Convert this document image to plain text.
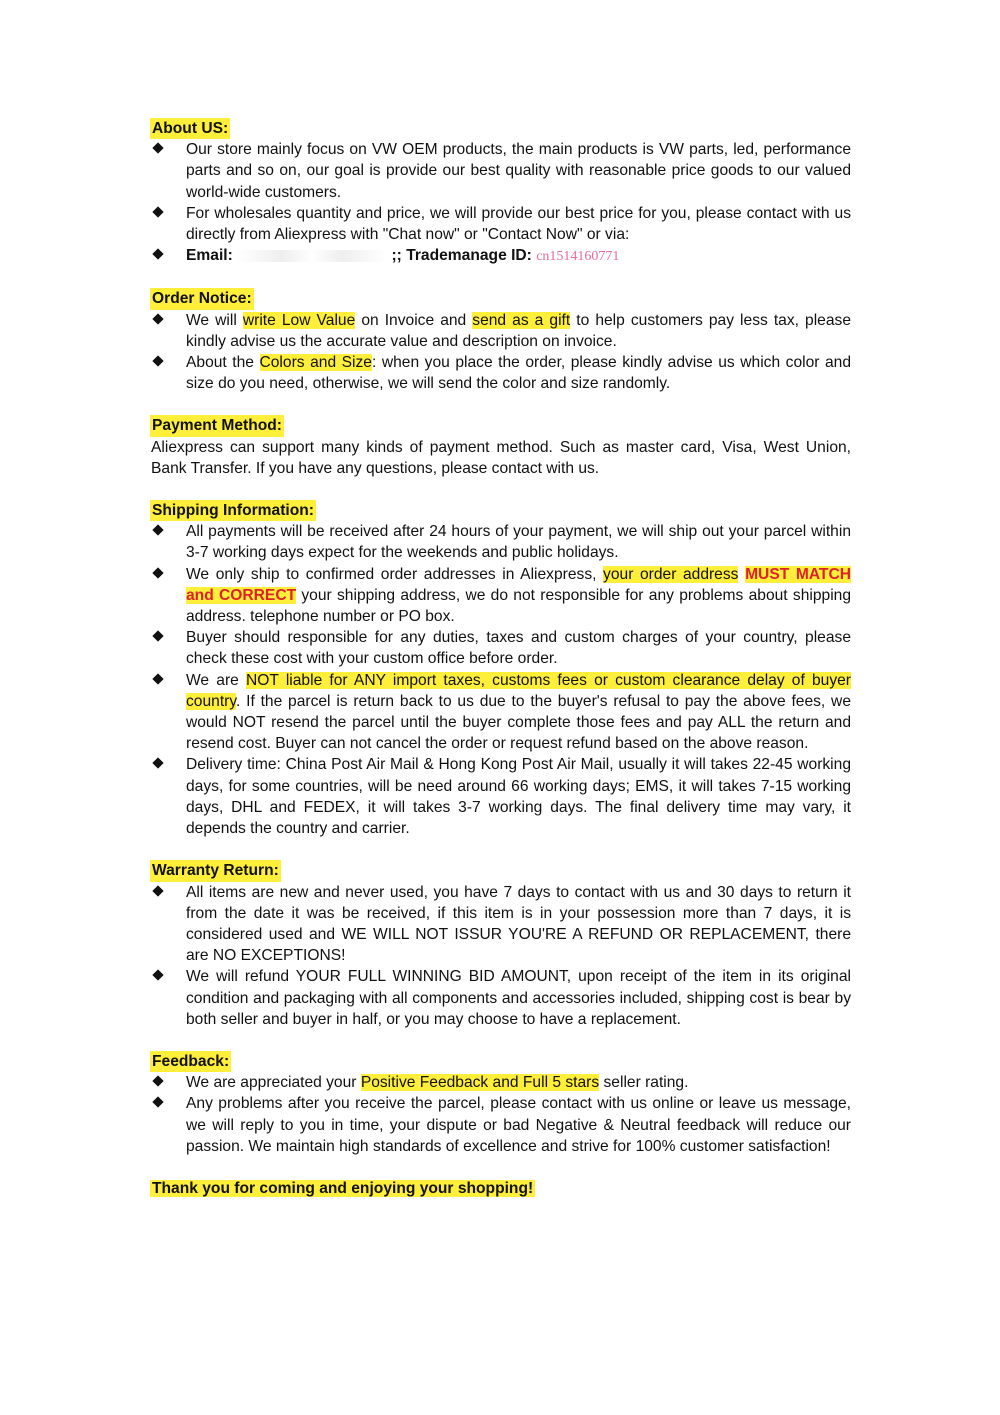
About US:
Our store mainly focus on VW OEM products, the main products is VW parts, led, performance parts and so on, our goal is provide our best quality with reasonable price goods to our valued world-wide customers.
For wholesales quantity and price, we will provide our best price for you, please contact with us directly from Aliexpress with "Chat now" or "Contact Now" or via:
Email:	;; Trademanage ID: cn1514160771
Order Notice:
We will write Low Value on Invoice and send as a gift to help customers pay less tax, please kindly advise us the accurate value and description on invoice.
About the Colors and Size: when you place the order, please kindly advise us which color and size do you need, otherwise, we will send the color and size randomly.
Payment Method:
Aliexpress can support many kinds of payment method. Such as master card, Visa, West Union, Bank Transfer. If you have any questions, please contact with us.
Shipping Information:
All payments will be received after 24 hours of your payment, we will ship out your parcel within 3-7 working days expect for the weekends and public holidays.
We only ship to confirmed order addresses in Aliexpress, your order address MUST MATCH and CORRECT your shipping address, we do not responsible for any problems about shipping address. telephone number or PO box.
Buyer should responsible for any duties, taxes and custom charges of your country, please check these cost with your custom office before order.
We are NOT liable for ANY import taxes, customs fees or custom clearance delay of buyer country. If the parcel is return back to us due to the buyer's refusal to pay the above fees, we would NOT resend the parcel until the buyer complete those fees and pay ALL the return and resend cost. Buyer can not cancel the order or request refund based on the above reason.
Delivery time: China Post Air Mail & Hong Kong Post Air Mail, usually it will takes 22-45 working days, for some countries, will be need around 66 working days; EMS, it will takes 7-15 working days, DHL and FEDEX, it will takes 3-7 working days. The final delivery time may vary, it depends the country and carrier.
Warranty Return:
All items are new and never used, you have 7 days to contact with us and 30 days to return it from the date it was be received, if this item is in your possession more than 7 days, it is considered used and WE WILL NOT ISSUR YOU'RE A REFUND OR REPLACEMENT, there are NO EXCEPTIONS!
We will refund YOUR FULL WINNING BID AMOUNT, upon receipt of the item in its original condition and packaging with all components and accessories included, shipping cost is bear by both seller and buyer in half, or you may choose to have a replacement.
Feedback:
We are appreciated your Positive Feedback and Full 5 stars seller rating.
Any problems after you receive the parcel, please contact with us online or leave us message, we will reply to you in time, your dispute or bad Negative & Neutral feedback will reduce our passion. We maintain high standards of excellence and strive for 100% customer satisfaction!
Thank you for coming and enjoying your shopping!
